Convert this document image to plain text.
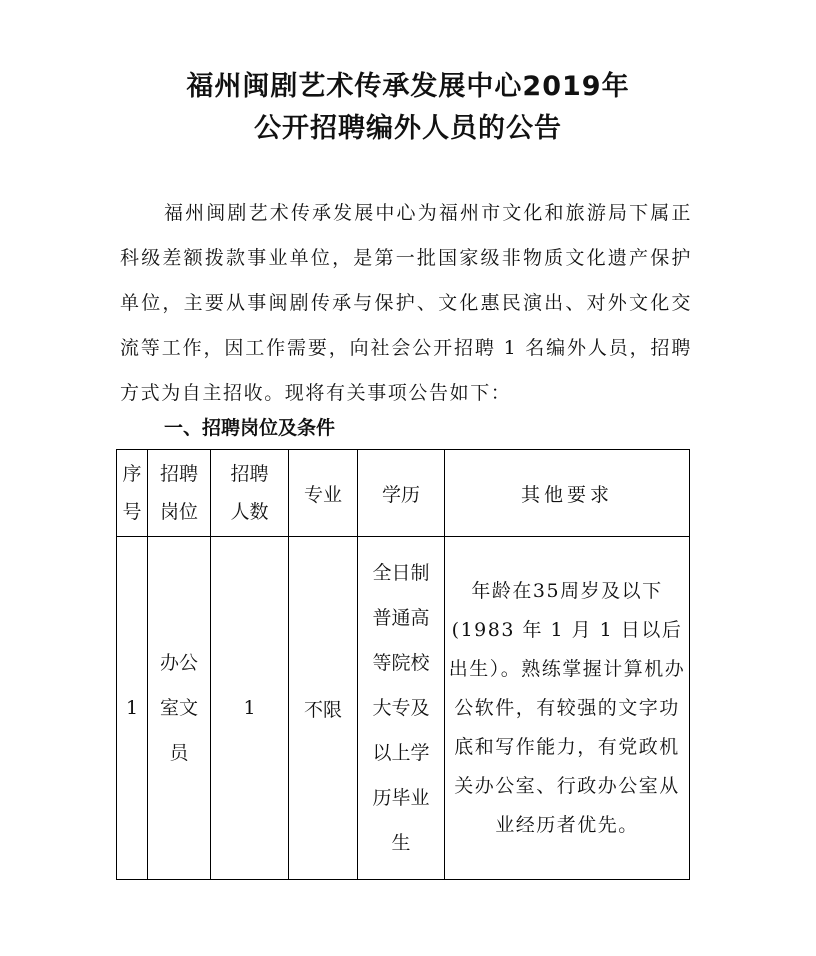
福州闽剧艺术传承发展中心2019年
公开招聘编外人员的公告

福州闽剧艺术传承发展中心为福州市文化和旅游局下属正科级差额拨款事业单位，是第一批国家级非物质文化遗产保护单位，主要从事闽剧传承与保护、文化惠民演出、对外文化交流等工作，因工作需要，向社会公开招聘 1 名编外人员，招聘方式为自主招收。现将有关事项公告如下：

一、招聘岗位及条件
序号	招聘岗位	招聘人数	专业	学历	其他要求
1	办公室文员	1	不限	全日制普通高等院校大专及以上学历毕业生	年龄在35周岁及以下(1983 年 1 月 1 日以后出生）。熟练掌握计算机办公软件，有较强的文字功底和写作能力，有党政机关办公室、行政办公室从业经历者优先。
